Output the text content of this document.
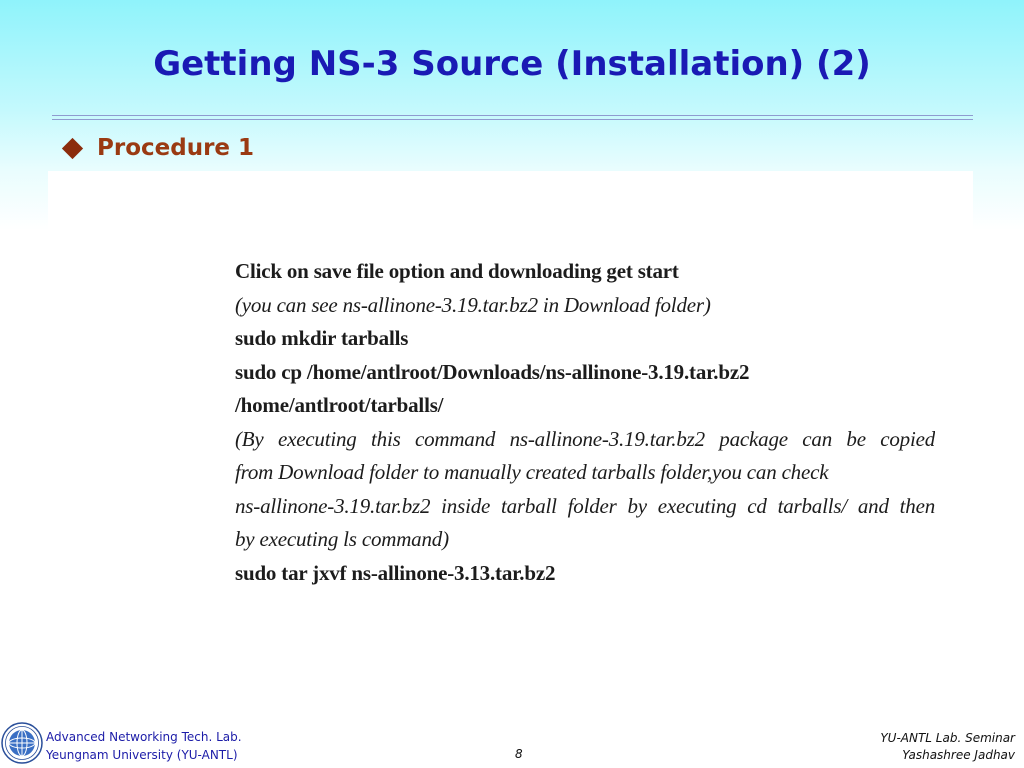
Getting NS-3 Source (Installation) (2)
Procedure 1
Click on save file option and downloading get start
(you can see ns-allinone-3.19.tar.bz2 in Download folder)
sudo mkdir tarballs
sudo cp /home/antlroot/Downloads/ns-allinone-3.19.tar.bz2
/home/antlroot/tarballs/
(By executing this command ns-allinone-3.19.tar.bz2 package can be copied
from Download folder to manually created tarballs folder,you can check
ns-allinone-3.19.tar.bz2 inside tarball folder by executing cd tarballs/ and then
by executing ls command)
sudo tar jxvf ns-allinone-3.13.tar.bz2
Advanced Networking Tech. Lab.
Yeungnam University (YU-ANTL)	8
YU-ANTL Lab. Seminar
Yashashree Jadhav
